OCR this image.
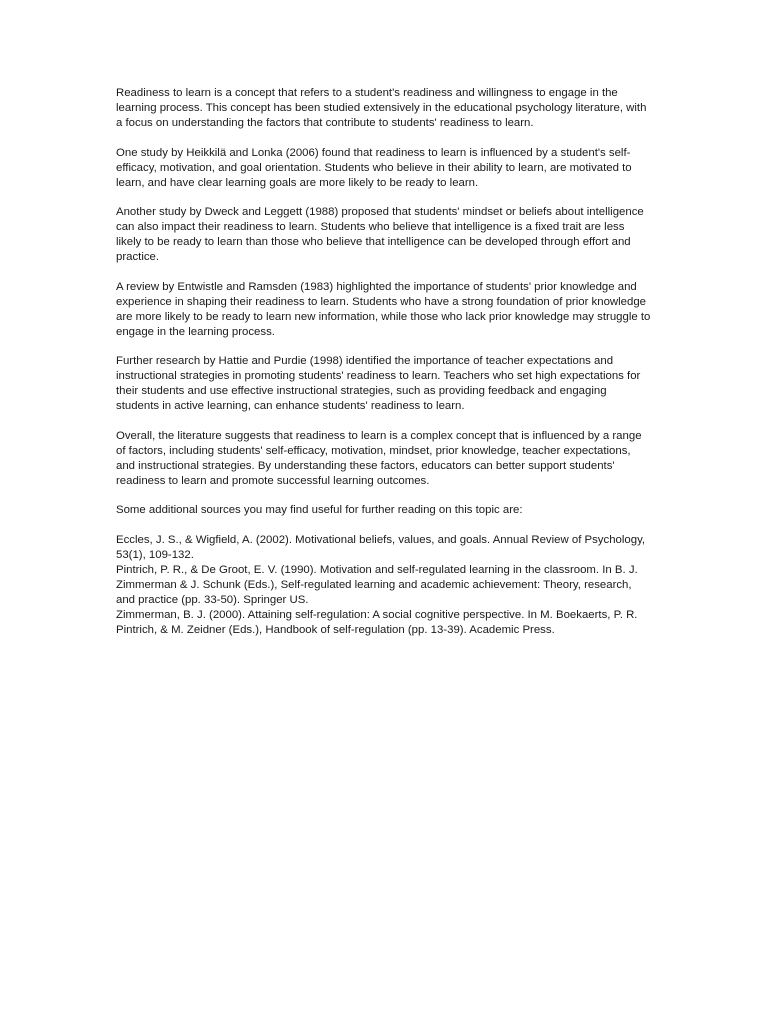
Readiness to learn is a concept that refers to a student's readiness and willingness to engage in the learning process. This concept has been studied extensively in the educational psychology literature, with a focus on understanding the factors that contribute to students' readiness to learn.

One study by Heikkilä and Lonka (2006) found that readiness to learn is influenced by a student's self-efficacy, motivation, and goal orientation. Students who believe in their ability to learn, are motivated to learn, and have clear learning goals are more likely to be ready to learn.

Another study by Dweck and Leggett (1988) proposed that students' mindset or beliefs about intelligence can also impact their readiness to learn. Students who believe that intelligence is a fixed trait are less likely to be ready to learn than those who believe that intelligence can be developed through effort and practice.

A review by Entwistle and Ramsden (1983) highlighted the importance of students' prior knowledge and experience in shaping their readiness to learn. Students who have a strong foundation of prior knowledge are more likely to be ready to learn new information, while those who lack prior knowledge may struggle to engage in the learning process.

Further research by Hattie and Purdie (1998) identified the importance of teacher expectations and instructional strategies in promoting students' readiness to learn. Teachers who set high expectations for their students and use effective instructional strategies, such as providing feedback and engaging students in active learning, can enhance students' readiness to learn.

Overall, the literature suggests that readiness to learn is a complex concept that is influenced by a range of factors, including students' self-efficacy, motivation, mindset, prior knowledge, teacher expectations, and instructional strategies. By understanding these factors, educators can better support students' readiness to learn and promote successful learning outcomes.

Some additional sources you may find useful for further reading on this topic are:

Eccles, J. S., & Wigfield, A. (2002). Motivational beliefs, values, and goals. Annual Review of Psychology, 53(1), 109-132.

Pintrich, P. R., & De Groot, E. V. (1990). Motivation and self-regulated learning in the classroom. In B. J. Zimmerman & J. Schunk (Eds.), Self-regulated learning and academic achievement: Theory, research, and practice (pp. 33-50). Springer US.

Zimmerman, B. J. (2000). Attaining self-regulation: A social cognitive perspective. In M. Boekaerts, P. R. Pintrich, & M. Zeidner (Eds.), Handbook of self-regulation (pp. 13-39). Academic Press.
